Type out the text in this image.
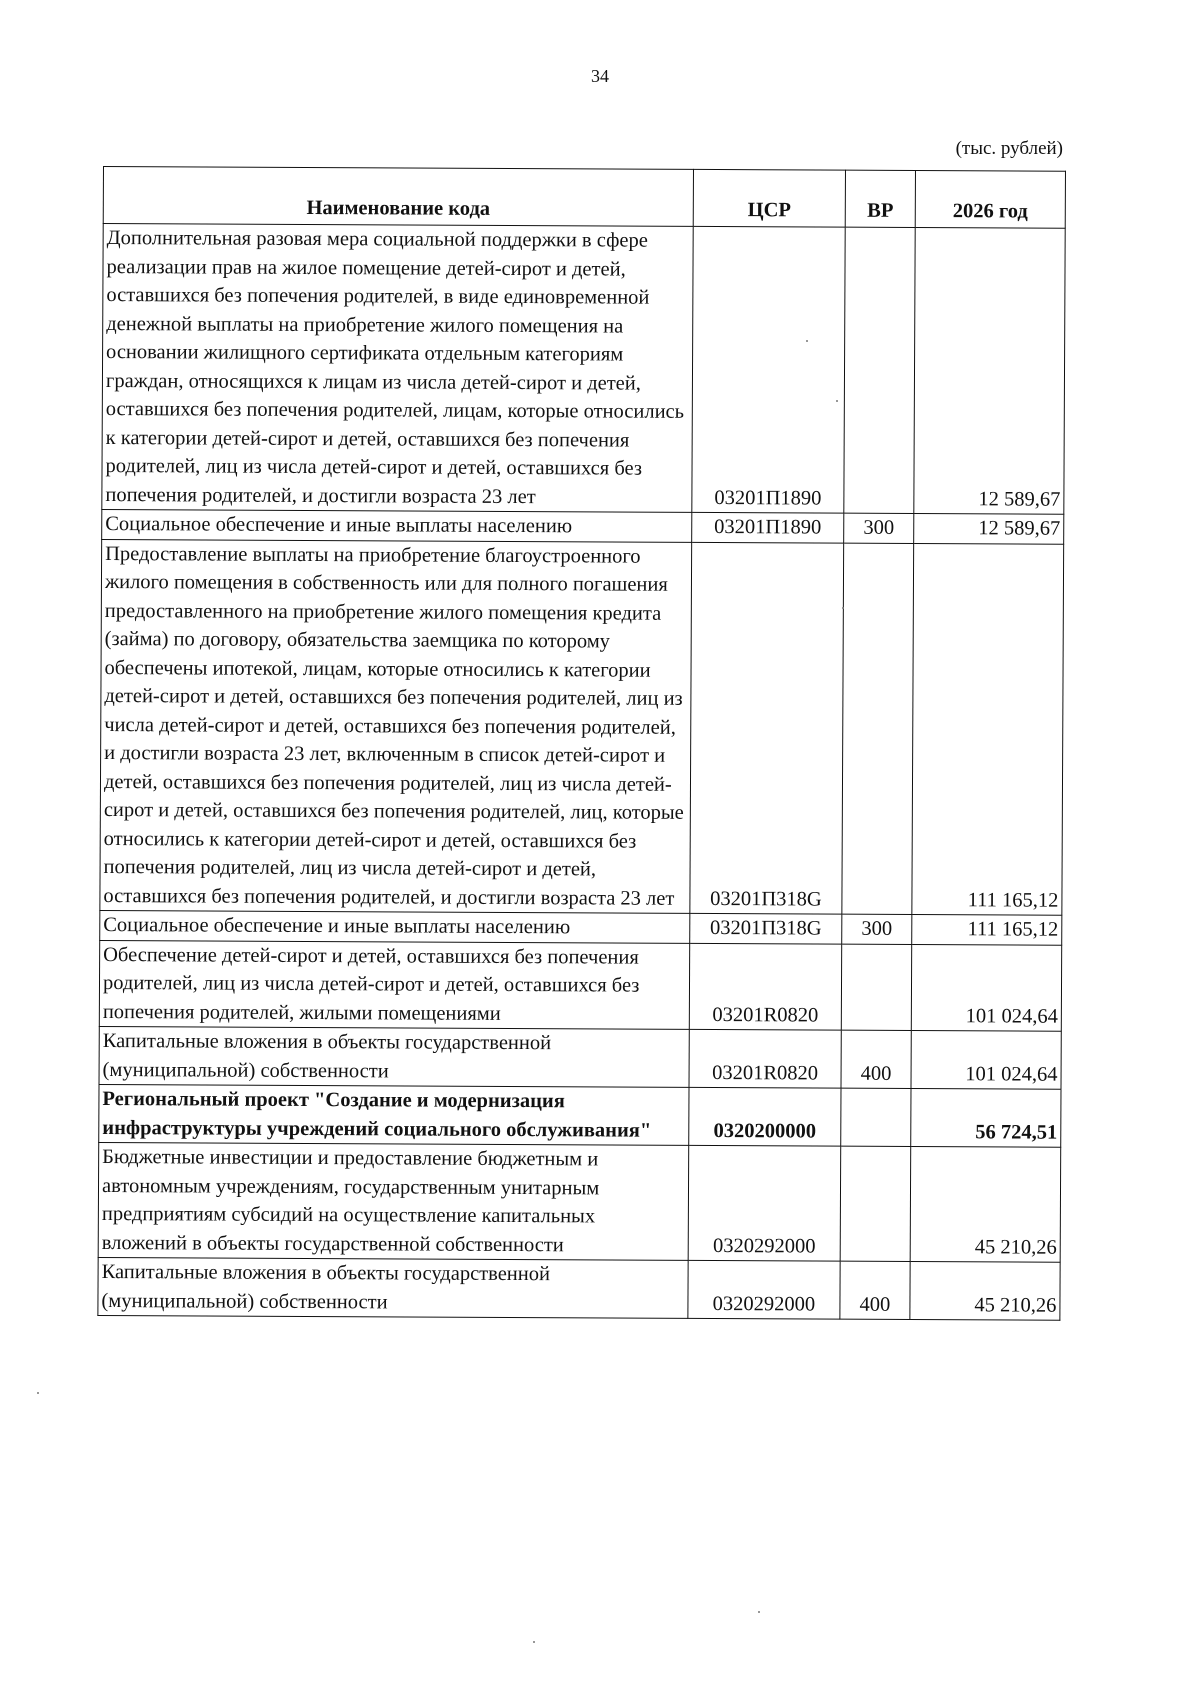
34
(тыс. рублей)
Наименование кода	ЦСР	ВР	2026 год
Дополнительная разовая мера социальной поддержки в сфере реализации прав на жилое помещение детей-сирот и детей, оставшихся без попечения родителей, в виде единовременной денежной выплаты на приобретение жилого помещения на основании жилищного сертификата отдельным категориям граждан, относящихся к лицам из числа детей-сирот и детей, оставшихся без попечения родителей, лицам, которые относились к категории детей-сирот и детей, оставшихся без попечения родителей, лиц из числа детей-сирот и детей, оставшихся без попечения родителей, и достигли возраста 23 лет	03201П1890		12 589,67
Социальное обеспечение и иные выплаты населению	03201П1890	300	12 589,67
Предоставление выплаты на приобретение благоустроенного жилого помещения в собственность или для полного погашения предоставленного на приобретение жилого помещения кредита (займа) по договору, обязательства заемщика по которому обеспечены ипотекой, лицам, которые относились к категории детей-сирот и детей, оставшихся без попечения родителей, лиц из числа детей-сирот и детей, оставшихся без попечения родителей, и достигли возраста 23 лет, включенным в список детей-сирот и детей, оставшихся без попечения родителей, лиц из числа детей-сирот и детей, оставшихся без попечения родителей, лиц, которые относились к категории детей-сирот и детей, оставшихся без попечения родителей, лиц из числа детей-сирот и детей, оставшихся без попечения родителей, и достигли возраста 23 лет	03201П318G		111 165,12
Социальное обеспечение и иные выплаты населению	03201П318G	300	111 165,12
Обеспечение детей-сирот и детей, оставшихся без попечения родителей, лиц из числа детей-сирот и детей, оставшихся без попечения родителей, жилыми помещениями	03201R0820		101 024,64
Капитальные вложения в объекты государственной (муниципальной) собственности	03201R0820	400	101 024,64
Региональный проект "Создание и модернизация инфраструктуры учреждений социального обслуживания"	0320200000		56 724,51
Бюджетные инвестиции и предоставление бюджетным и автономным учреждениям, государственным унитарным предприятиям субсидий на осуществление капитальных вложений в объекты государственной собственности	0320292000		45 210,26
Капитальные вложения в объекты государственной (муниципальной) собственности	0320292000	400	45 210,26
